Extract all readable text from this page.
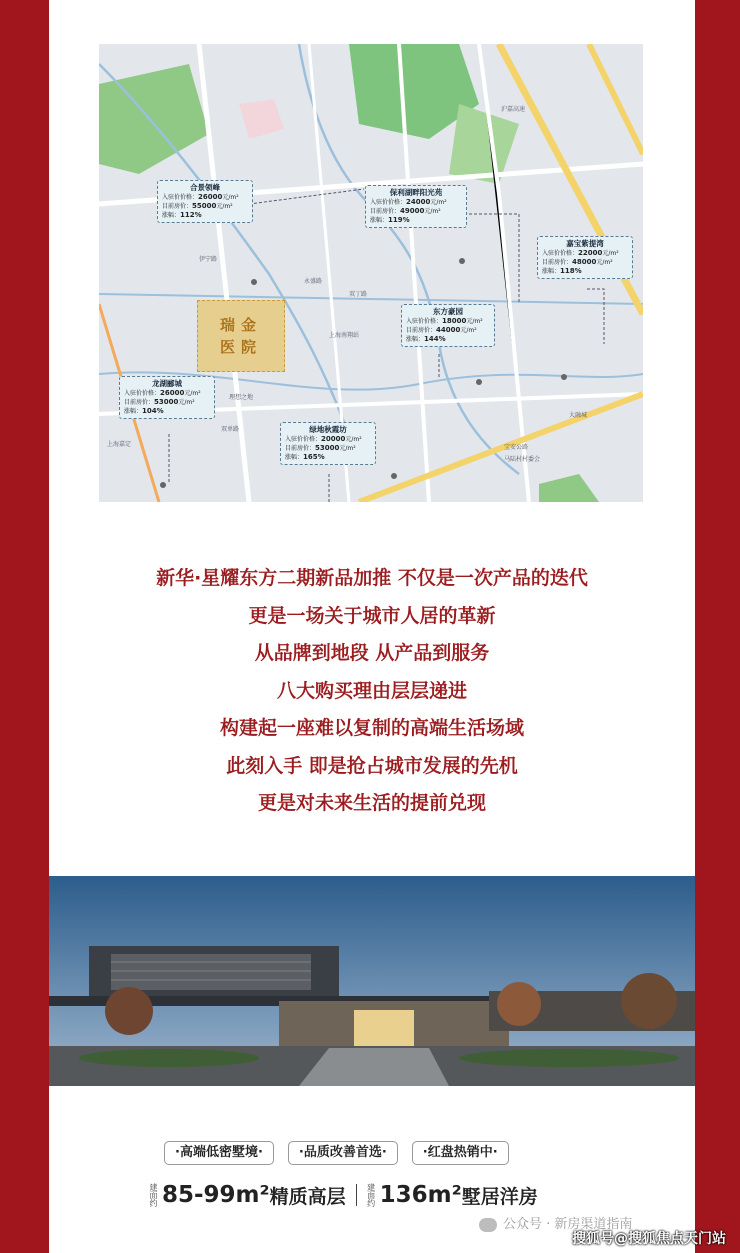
沪嘉高速
双丁路
宝安公路
永盛路
伊宁路
理想之地
上海南翔站
大融城
马陆村村委会
上海嘉定
双单路
瑞金
医院
合景领峰
入驻价价格：26000元/m²
目前房价：55000元/m²
涨幅：112%
保利湖畔阳光苑
入驻价价格：24000元/m²
目前房价：49000元/m²
涨幅：119%
嘉宝紫提湾
入驻价价格：22000元/m²
目前房价：48000元/m²
涨幅：118%
东方豪园
入驻价价格：18000元/m²
目前房价：44000元/m²
涨幅：144%
龙湖郦城
入驻价价格：26000元/m²
目前房价：53000元/m²
涨幅：104%
绿地秋霞坊
入驻价价格：20000元/m²
目前房价：53000元/m²
涨幅：165%
新华·星耀东方二期新品加推 不仅是一次产品的迭代
更是一场关于城市人居的革新
从品牌到地段 从产品到服务
八大购买理由层层递进
构建起一座难以复制的高端生活场域
此刻入手 即是抢占城市发展的先机
更是对未来生活的提前兑现
·高端低密墅境·	·品质改善首选·	·红盘热销中·
建面约 85-99m² 精质高层	建面约 136m² 墅居洋房
公众号 · 新房渠道指南
搜狐号@搜狐焦点天门站
